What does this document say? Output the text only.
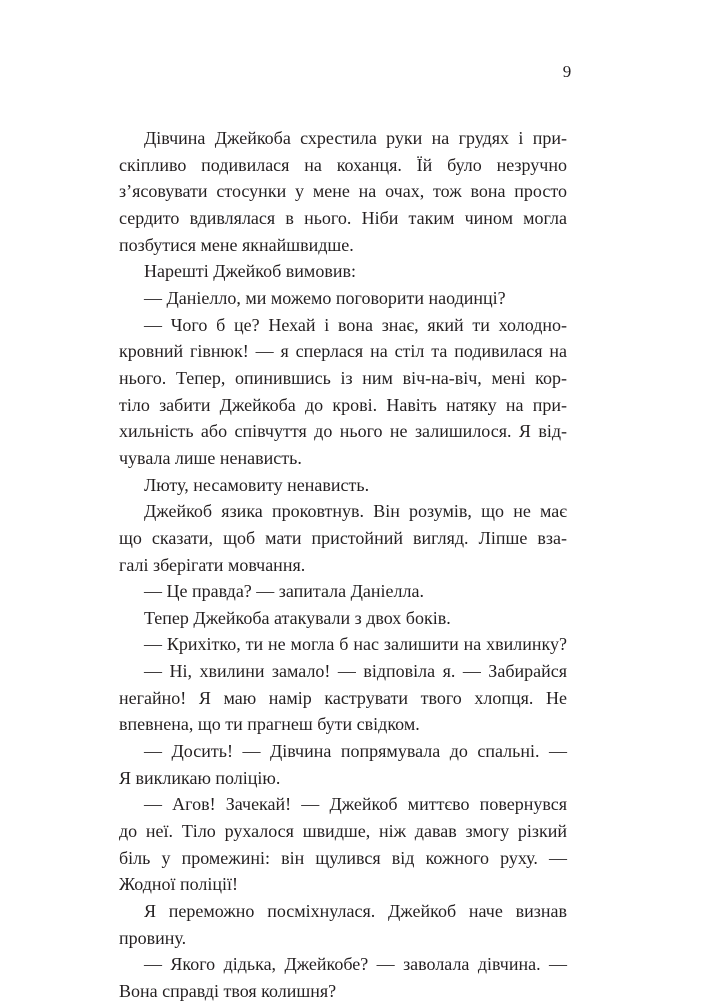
9
Дівчина Джейкоба схрестила руки на грудях і при-
скіпливо подивилася на коханця. Їй було незручно
з’ясовувати стосунки у мене на очах, тож вона просто
сердито вдивлялася в нього. Ніби таким чином могла
позбутися мене якнайшвидше.
Нарешті Джейкоб вимовив:
— Даніелло, ми можемо поговорити наодинці?
— Чого б це? Нехай і вона знає, який ти холодно-
кровний гівнюк! — я сперлася на стіл та подивилася на
нього. Тепер, опинившись із ним віч-на-віч, мені кор-
тіло забити Джейкоба до крові. Навіть натяку на при-
хильність або співчуття до нього не залишилося. Я від-
чувала лише ненависть.
Люту, несамовиту ненависть.
Джейкоб язика проковтнув. Він розумів, що не має
що сказати, щоб мати пристойний вигляд. Ліпше взa-
галі зберігати мовчання.
— Це правда? — запитала Даніелла.
Тепер Джейкоба атакували з двох боків.
— Крихітко, ти не могла б нас залишити на хвилинку?
— Ні, хвилини замало! — відповіла я. — Забирайся
негайно! Я маю намір каструвати твого хлопця. Не
впевнена, що ти прагнеш бути свідком.
— Досить! — Дівчина попрямувала до спальні. —
Я викликаю поліцію.
— Агов! Зачекай! — Джейкоб миттєво повернувся
до неї. Тіло рухалося швидше, ніж давав змогу різкий
біль у промежині: він щулився від кожного руху. —
Жодної поліції!
Я переможно посміхнулася. Джейкоб наче визнав
провину.
— Якого дідька, Джейкобе? — заволала дівчина. —
Вона справді твоя колишня?
